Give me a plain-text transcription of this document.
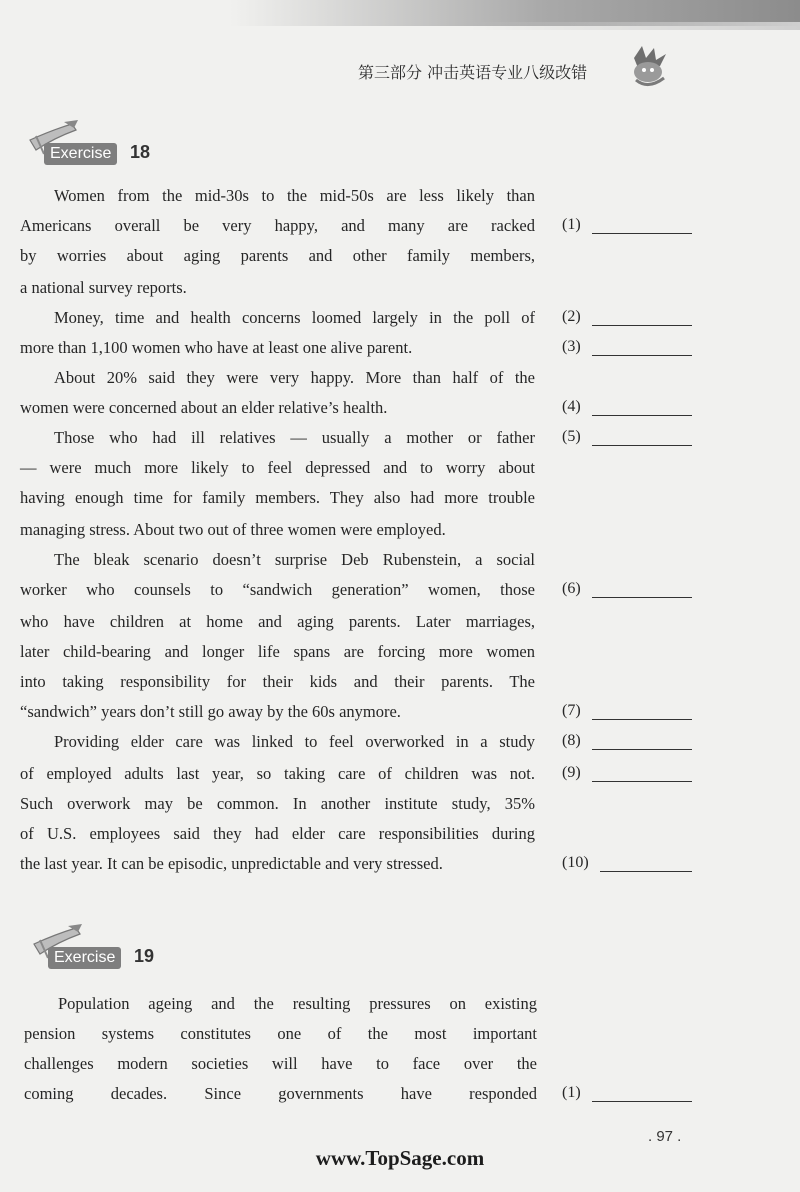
第三部分 冲击英语专业八级改错
Exercise	18
Women from the mid-30s to the mid-50s are less likely than
Americans overall be very happy, and many are racked
by worries about aging parents and other family members,
a national survey reports.
Money, time and health concerns loomed largely in the poll of
more than 1,100 women who have at least one alive parent.
About 20% said they were very happy. More than half of the
women were concerned about an elder relative’s health.
Those who had ill relatives — usually a mother or father
— were much more likely to feel depressed and to worry about
having enough time for family members. They also had more trouble
managing stress. About two out of three women were employed.
The bleak scenario doesn’t surprise Deb Rubenstein, a social
worker who counsels to “sandwich generation” women, those
who have children at home and aging parents. Later marriages,
later child-bearing and longer life spans are forcing more women
into taking responsibility for their kids and their parents. The
“sandwich” years don’t still go away by the 60s anymore.
Providing elder care was linked to feel overworked in a study
of employed adults last year, so taking care of children was not.
Such overwork may be common. In another institute study, 35%
of U.S. employees said they had elder care responsibilities during
the last year. It can be episodic, unpredictable and very stressed.
(1)
(2)
(3)
(4)
(5)
(6)
(7)
(8)
(9)
(10)
Exercise	19
Population ageing and the resulting pressures on existing
pension systems constitutes one of the most important
challenges modern societies will have to face over the
coming decades. Since governments have responded (1)
. 97 .
www.TopSage.com
